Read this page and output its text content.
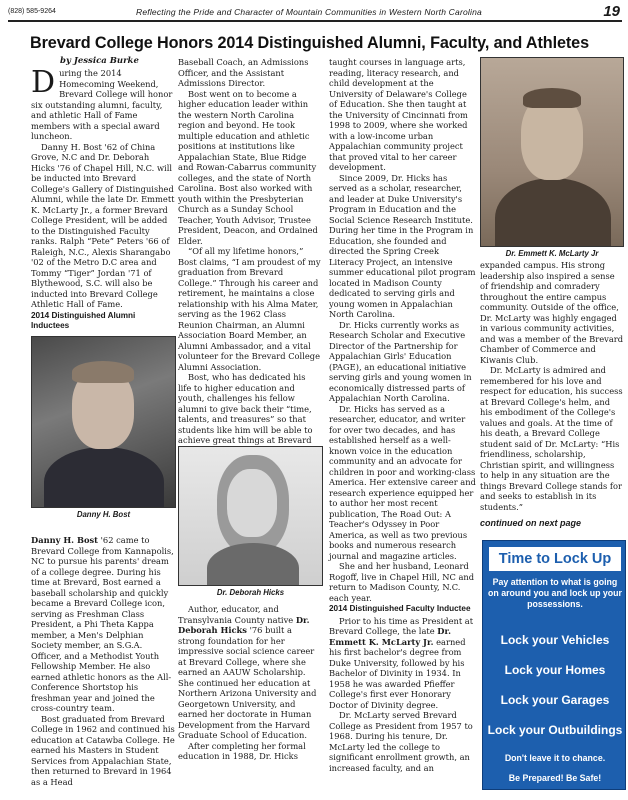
(828) 585-9264	Reflecting the Pride and Character of Mountain Communities in Western North Carolina	19
Brevard College Honors 2014 Distinguished Alumni, Faculty, and Athletes
by Jessica Burke

During the 2014 Homecoming Weekend, Brevard College will honor six outstanding alumni, faculty, and athletic Hall of Fame members with a special award luncheon.

Danny H. Bost '62 of China Grove, N.C and Dr. Deborah Hicks '76 of Chapel Hill, N.C. will be inducted into Brevard College's Gallery of Distinguished Alumni, while the late Dr. Emmett K. McLarty Jr., a former Brevard College President, will be added to the Distinguished Faculty ranks. Ralph “Pete” Peters '66 of Raleigh, N.C., Alexis Sharangabo '02 of the Metro D.C area and Tommy “Tiger” Jordan '71 of Blythewood, S.C. will also be inducted into Brevard College Athletic Hall of Fame.

2014 Distinguished Alumni Inductees
Danny H. Bost

Danny H. Bost '62 came to Brevard College from Kannapolis, NC to pursue his parents' dream of a college degree. During his time at Brevard, Bost earned a baseball scholarship and quickly became a Brevard College icon, serving as Freshman Class President, a Phi Theta Kappa member, a Men's Delphian Society member, an S.G.A. Officer, and a Methodist Youth Fellowship Member. He also earned athletic honors as the All-Conference Shortstop his freshman year and joined the cross-country team.

Bost graduated from Brevard College in 1962 and continued his education at Catawba College. He earned his Masters in Student Services from Appalachian State, then returned to Brevard in 1964 as a Head

Baseball Coach, an Admissions Officer, and the Assistant Admissions Director.

Bost went on to become a higher education leader within the western North Carolina region and beyond. He took multiple education and athletic positions at institutions like Appalachian State, Blue Ridge and Rowan-Cabarrus community colleges, and the state of North Carolina. Bost also worked with youth within the Presbyterian Church as a Sunday School Teacher, Youth Advisor, Trustee President, Deacon, and Ordained Elder.

“Of all my lifetime honors,” Bost claims, “I am proudest of my graduation from Brevard College.” Through his career and retirement, he maintains a close relationship with his Alma Mater, serving as the 1962 Class Reunion Chairman, an Alumni Association Board Member, an Alumni Ambassador, and a vital volunteer for the Brevard College Alumni Association.

Bost, who has dedicated his life to higher education and youth, challenges his fellow alumni to give back their “time, talents, and treasures” so that students like him will be able to achieve great things at Brevard

Dr. Deborah Hicks

Author, educator, and Transylvania County native Dr. Deborah Hicks '76 built a strong foundation for her impressive social science career at Brevard College, where she earned an AAUW Scholarship. She continued her education at Northern Arizona University and Georgetown University, and earned her doctorate in Human Development from the Harvard Graduate School of Education.

After completing her formal education in 1988, Dr. Hicks

taught courses in language arts, reading, literacy research, and child development at the University of Delaware's College of Education. She then taught at the University of Cincinnati from 1998 to 2009, where she worked with a low-income urban Appalachian community project that proved vital to her career development.

Since 2009, Dr. Hicks has served as a scholar, researcher, and leader at Duke University's Program in Education and the Social Science Research Institute. During her time in the Program in Education, she founded and directed the Spring Creek Literacy Project, an intensive summer educational pilot program located in Madison County dedicated to serving girls and young women in Appalachian North Carolina.

Dr. Hicks currently works as Research Scholar and Executive Director of the Partnership for Appalachian Girls' Education (PAGE), an educational initiative serving girls and young women in economically distressed parts of Appalachian North Carolina.

Dr. Hicks has served as a researcher, educator, and writer for over two decades, and has established herself as a well-known voice in the education community and an advocate for children in poor and working-class America. Her extensive career and research experience equipped her to author her most recent publication, The Road Out: A Teacher's Odyssey in Poor America, as well as two previous books and numerous research journal and magazine articles.

She and her husband, Leonard Rogoff, live in Chapel Hill, NC and return to Madison County, N.C. each year.

2014 Distinguished Faculty Inductee

Prior to his time as President at Brevard College, the late Dr. Emmett K. McLarty Jr. earned his first bachelor's degree from Duke University, followed by his Bachelor of Divinity in 1934. In 1958 he was awarded Pfieffer College's first ever Honorary Doctor of Divinity degree.

Dr. McLarty served Brevard College as President from 1957 to 1968. During his tenure, Dr. McLarty led the college to significant enrollment growth, an increased faculty, and an

Dr. Emmett K. McLarty Jr

expanded campus. His strong leadership also inspired a sense of friendship and comradery throughout the entire campus community. Outside of the office, Dr. McLarty was highly engaged in various community activities, and was a member of the Brevard Chamber of Commerce and Kiwanis Club.

Dr. McLarty is admired and remembered for his love and respect for education, his success at Brevard College's helm, and his embodiment of the College's values and goals. At the time of his death, a Brevard College student said of Dr. McLarty: “His friendliness, scholarship, Christian spirit, and willingness to help in any situation are the things Brevard College stands for and seeks to establish in its students.”

continued on next page
Time to Lock Up
Pay attention to what is going on around you and lock up your possessions.
Lock your Vehicles
Lock your Homes
Lock your Garages
Lock your Outbuildings
Don't leave it to chance.
Be Prepared! Be Safe!
